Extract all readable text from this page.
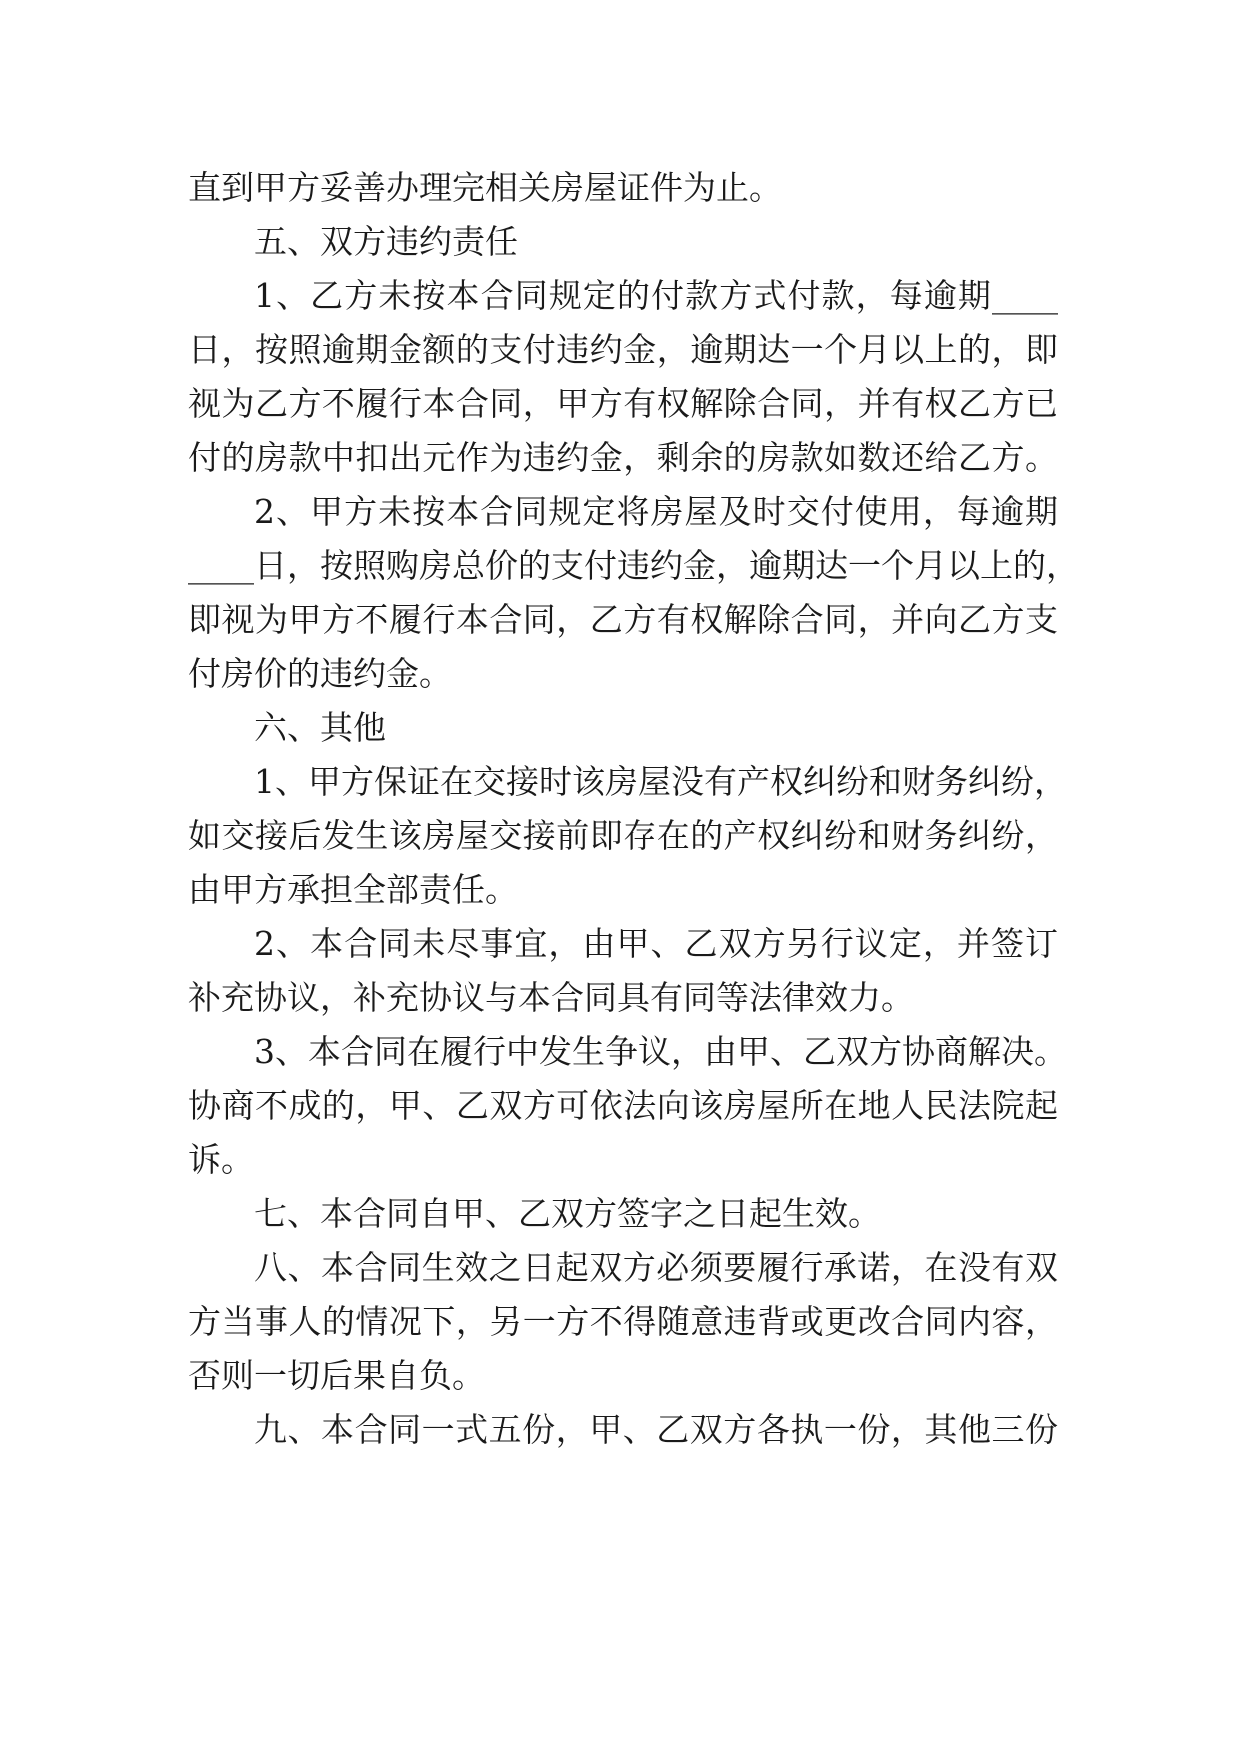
直到甲方妥善办理完相关房屋证件为止。
五、双方违约责任
1、乙方未按本合同规定的付款方式付款，每逾期____
日，按照逾期金额的支付违约金，逾期达一个月以上的，即
视为乙方不履行本合同，甲方有权解除合同，并有权乙方已
付的房款中扣出元作为违约金，剩余的房款如数还给乙方。
2、甲方未按本合同规定将房屋及时交付使用，每逾期
____日，按照购房总价的支付违约金，逾期达一个月以上的，
即视为甲方不履行本合同，乙方有权解除合同，并向乙方支
付房价的违约金。
六、其他
1、甲方保证在交接时该房屋没有产权纠纷和财务纠纷，
如交接后发生该房屋交接前即存在的产权纠纷和财务纠纷，
由甲方承担全部责任。
2、本合同未尽事宜，由甲、乙双方另行议定，并签订
补充协议，补充协议与本合同具有同等法律效力。
3、本合同在履行中发生争议，由甲、乙双方协商解决。
协商不成的，甲、乙双方可依法向该房屋所在地人民法院起
诉。
七、本合同自甲、乙双方签字之日起生效。
八、本合同生效之日起双方必须要履行承诺，在没有双
方当事人的情况下，另一方不得随意违背或更改合同内容，
否则一切后果自负。
九、本合同一式五份，甲、乙双方各执一份，其他三份
